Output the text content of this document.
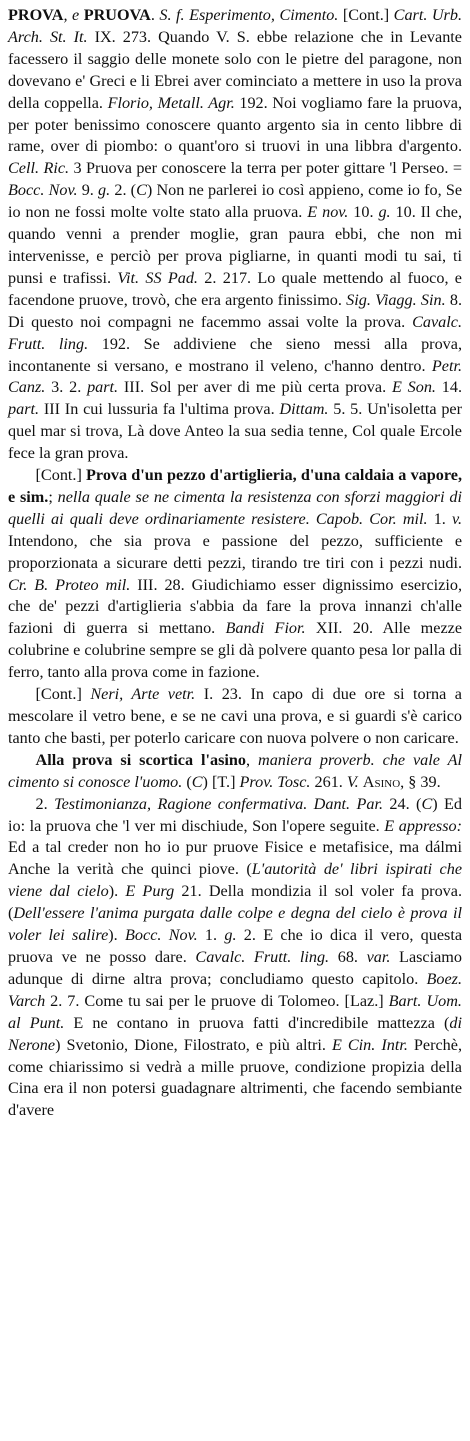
PROVA, e PRUOVA. S. f. Esperimento, Cimento. [Cont.] Cart. Urb. Arch. St. It. IX. 273. Quando V. S. ebbe relazione che in Levante facessero il saggio delle monete solo con le pietre del paragone, non dovevano e' Greci e li Ebrei aver cominciato a mettere in uso la prova della coppella. Florio, Metall. Agr. 192. Noi vogliamo fare la pruova, per poter benissimo conoscere quanto argento sia in cento libbre di rame, over di piombo: o quant'oro si truovi in una libbra d'argento. Cell. Ric. 3 Pruova per conoscere la terra per poter gittare 'l Perseo. = Bocc. Nov. 9. g. 2. (C) Non ne parlerei io così appieno, come io fo, Se io non ne fossi molte volte stato alla pruova. E nov. 10. g. 10. Il che, quando venni a prender moglie, gran paura ebbi, che non mi intervenisse, e perciò per prova pigliarne, in quanti modi tu sai, ti punsi e trafissi. Vit. SS Pad. 2. 217. Lo quale mettendo al fuoco, e facendone pruove, trovò, che era argento finissimo. Sig. Viagg. Sin. 8. Di questo noi compagni ne facemmo assai volte la prova. Cavalc. Frutt. ling. 192. Se addiviene che sieno messi alla prova, incontanente si versano, e mostrano il veleno, c'hanno dentro. Petr. Canz. 3. 2. part. III. Sol per aver di me più certa prova. E Son. 14. part. III In cui lussuria fa l'ultima prova. Dittam. 5. 5. Un'isoletta per quel mar si trova, Là dove Anteo la sua sedia tenne, Col quale Ercole fece la gran prova.

[Cont.] Prova d'un pezzo d'artiglieria, d'una caldaia a vapore, e sim.; nella quale se ne cimenta la resistenza con sforzi maggiori di quelli ai quali deve ordinariamente resistere. Capob. Cor. mil. 1. v. Intendono, che sia prova e passione del pezzo, sufficiente e proporzionata a sicurare detti pezzi, tirando tre tiri con i pezzi nudi. Cr. B. Proteo mil. III. 28. Giudichiamo esser dignissimo esercizio, che de' pezzi d'artiglieria s'abbia da fare la prova innanzi ch'alle fazioni di guerra si mettano. Bandi Fior. XII. 20. Alle mezze colubrine e colubrine sempre se gli dà polvere quanto pesa lor palla di ferro, tanto alla prova come in fazione.

[Cont.] Neri, Arte vetr. I. 23. In capo di due ore si torna a mescolare il vetro bene, e se ne cavi una prova, e si guardi s'è carico tanto che basti, per poterlo caricare con nuova polvere o non caricare.

Alla prova si scortica l'asino, maniera proverb. che vale Al cimento si conosce l'uomo. (C) [T.] Prov. Tosc. 261. V. Asino, § 39.

2. Testimonianza, Ragione confermativa. Dant. Par. 24. (C) Ed io: la pruova che 'l ver mi dischiude, Son l'opere seguite. E appresso: Ed a tal creder non ho io pur pruove Fisice e metafisice, ma dálmi Anche la verità che quinci piove. (L'autorità de' libri ispirati che viene dal cielo). E Purg 21. Della mondizia il sol voler fa prova. (Dell'essere l'anima purgata dalle colpe e degna del cielo è prova il voler lei salire). Bocc. Nov. 1. g. 2. E che io dica il vero, questa pruova ve ne posso dare. Cavalc. Frutt. ling. 68. var. Lasciamo adunque di dirne altra prova; concludiamo questo capitolo. Boez. Varch 2. 7. Come tu sai per le pruove di Tolomeo. [Laz.] Bart. Uom. al Punt. E ne contano in pruova fatti d'incredibile mattezza (di Nerone) Svetonio, Dione, Filostrato, e più altri. E Cin. Intr. Perchè, come chiarissimo si vedrà a mille pruove, condizione propizia della Cina era il non potersi guadagnare altrimenti, che facendo sembiante d'avere
